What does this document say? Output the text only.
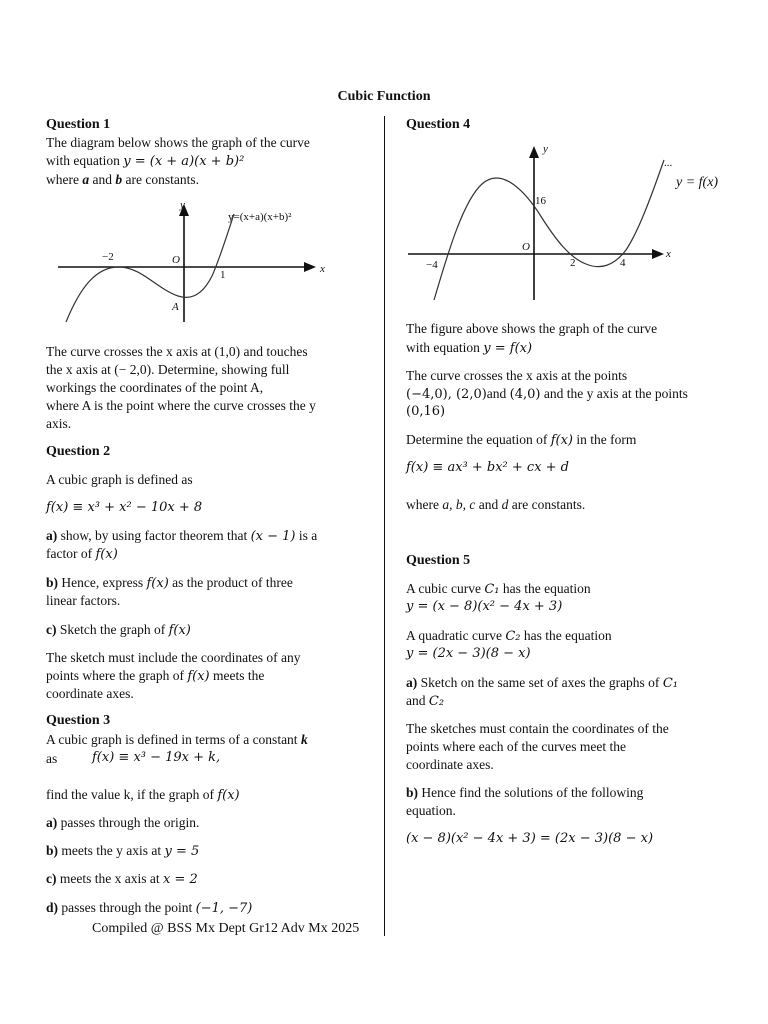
Cubic Function
Question 1
The diagram below shows the graph of the curve
with equation y = (x + a)(x + b)²
where a and b are constants.
y
x
O
−2
1
A
y=(x+a)(x+b)²
The curve crosses the x axis at (1,0) and touches
the x axis at (− 2,0). Determine, showing full
workings the coordinates of the point A,
where A is the point where the curve crosses the y
axis.
Question 2
A cubic graph is defined as
f(x) ≡ x³ + x² − 10x + 8
a) show, by using factor theorem that (x − 1) is a
factor of f(x)
b) Hence, express f(x) as the product of three
linear factors.
c) Sketch the graph of f(x)
The sketch must include the coordinates of any
points where the graph of f(x) meets the
coordinate axes.
Question 3
A cubic graph is defined in terms of a constant k
as	f(x) ≡ x³ − 19x + k,
find the value k, if the graph of f(x)
a) passes through the origin.
b) meets the y axis at y = 5
c) meets the x axis at x = 2
d) passes through the point (−1, −7)
Compiled @ BSS Mx Dept Gr12 Adv Mx 2025
Question 4
y
x
O
−4	2	4
16
...
y = f(x)
The figure above shows the graph of the curve
with equation y = f(x)
The curve crosses the x axis at the points
(−4,0), (2,0)and (4,0) and the y axis at the points
(0,16)
Determine the equation of f(x) in the form
f(x) ≡ ax³ + bx² + cx + d
where a, b, c and d are constants.
Question 5
A cubic curve C₁ has the equation
y = (x − 8)(x² − 4x + 3)
A quadratic curve C₂ has the equation
y = (2x − 3)(8 − x)
a) Sketch on the same set of axes the graphs of C₁
and C₂
The sketches must contain the coordinates of the
points where each of the curves meet the
coordinate axes.
b) Hence find the solutions of the following
equation.
(x − 8)(x² − 4x + 3) = (2x − 3)(8 − x)
